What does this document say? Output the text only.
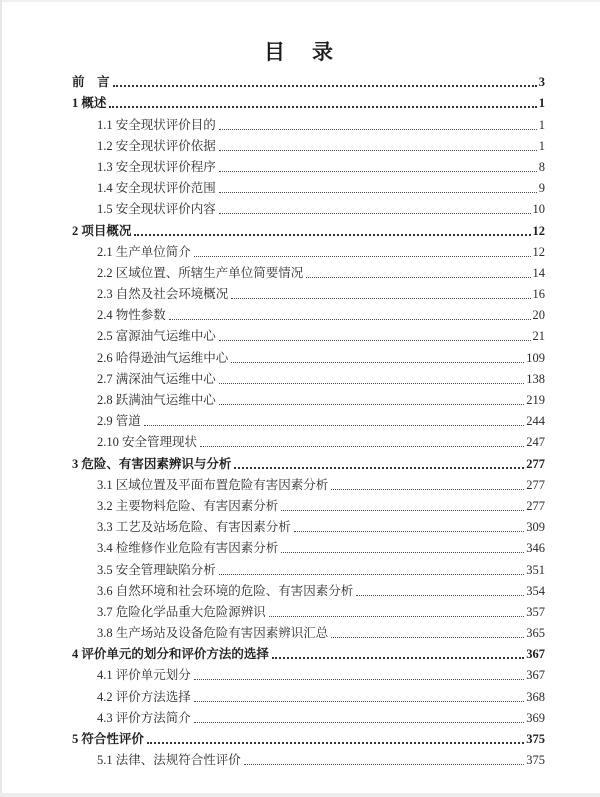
目　录
前　言	3
1 概述	1
1.1 安全现状评价目的	1
1.2 安全现状评价依据	1
1.3 安全现状评价程序	8
1.4 安全现状评价范围	9
1.5 安全现状评价内容	10
2 项目概况	12
2.1 生产单位简介	12
2.2 区域位置、所辖生产单位简要情况	14
2.3 自然及社会环境概况	16
2.4 物性参数	20
2.5 富源油气运维中心	21
2.6 哈得逊油气运维中心	109
2.7 满深油气运维中心	138
2.8 跃满油气运维中心	219
2.9 管道	244
2.10 安全管理现状	247
3 危险、有害因素辨识与分析	277
3.1 区域位置及平面布置危险有害因素分析	277
3.2 主要物料危险、有害因素分析	277
3.3 工艺及站场危险、有害因素分析	309
3.4 检维修作业危险有害因素分析	346
3.5 安全管理缺陷分析	351
3.6 自然环境和社会环境的危险、有害因素分析	354
3.7 危险化学品重大危险源辨识	357
3.8 生产场站及设备危险有害因素辨识汇总	365
4 评价单元的划分和评价方法的选择	367
4.1 评价单元划分	367
4.2 评价方法选择	368
4.3 评价方法简介	369
5 符合性评价	375
5.1 法律、法规符合性评价	375
